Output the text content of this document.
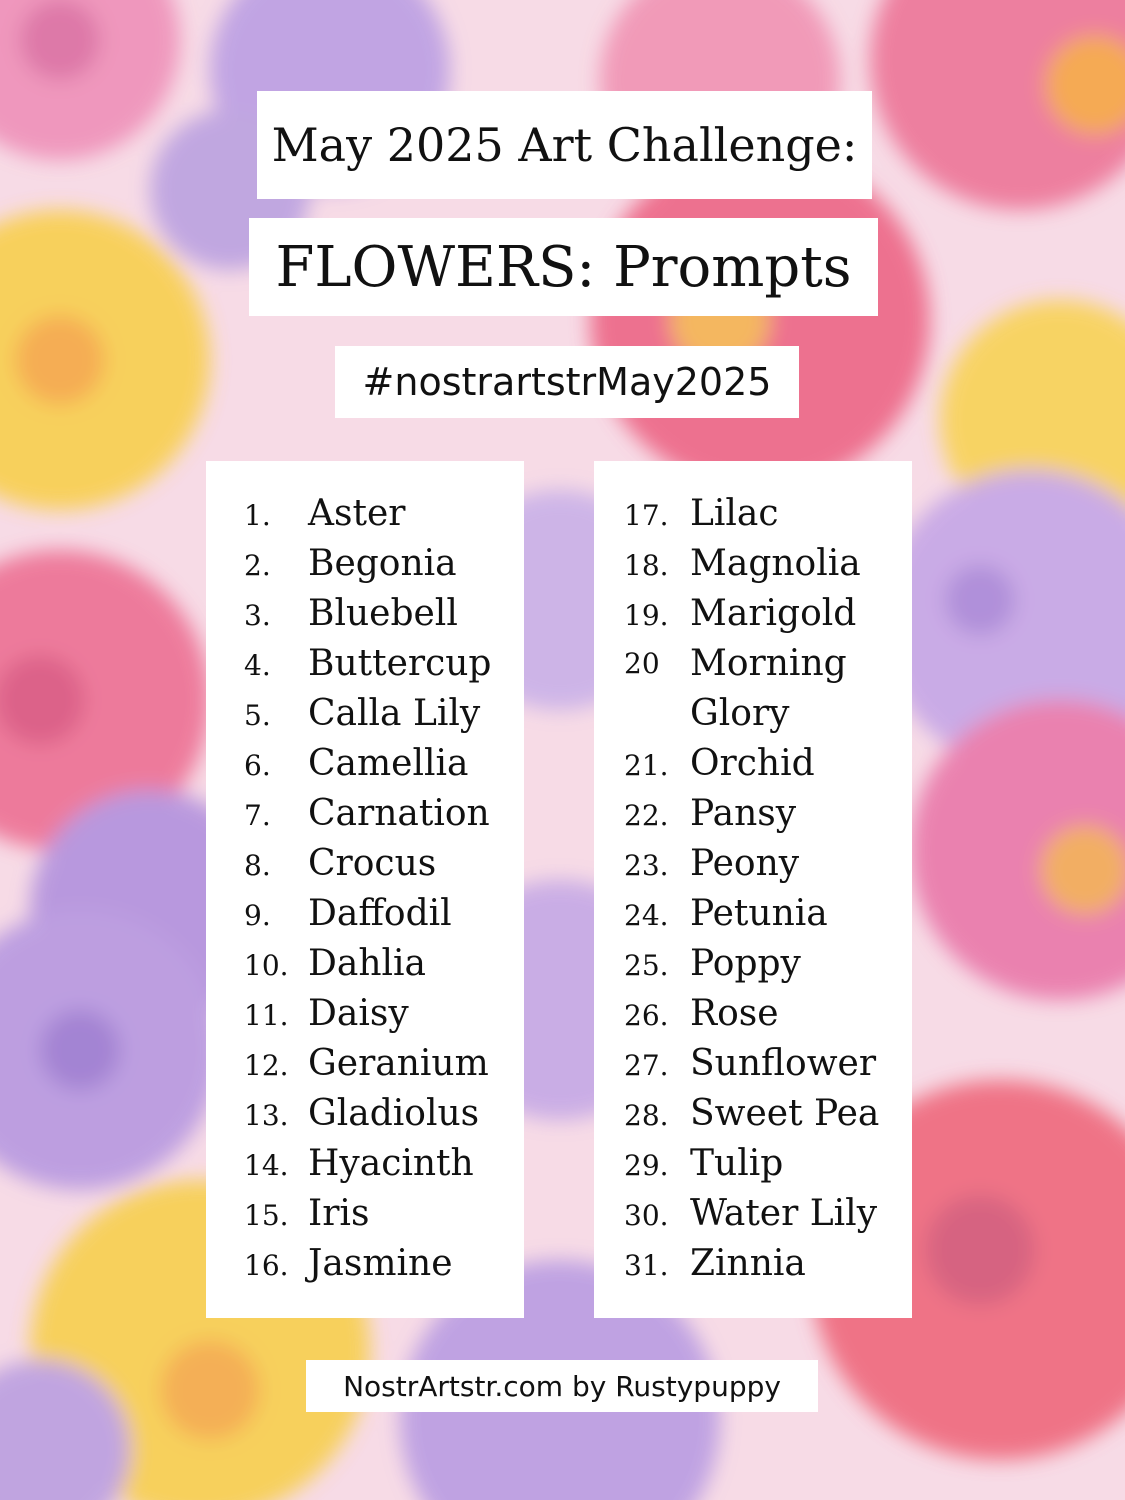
May 2025 Art Challenge:
FLOWERS: Prompts
#nostrartstrMay2025
1.	Aster
2.	Begonia
3.	Bluebell
4.	Buttercup
5.	Calla Lily
6.	Camellia
7.	Carnation
8.	Crocus
9.	Daffodil
10. Dahlia
11. Daisy
12. Geranium
13. Gladiolus
14. Hyacinth
15. Iris
16. Jasmine
17. Lilac
18. Magnolia
19. Marigold
20 Morning Glory
21. Orchid
22. Pansy
23. Peony
24. Petunia
25. Poppy
26. Rose
27. Sunflower
28. Sweet Pea
29. Tulip
30. Water Lily
31. Zinnia
NostrArtstr.com by Rustypuppy
